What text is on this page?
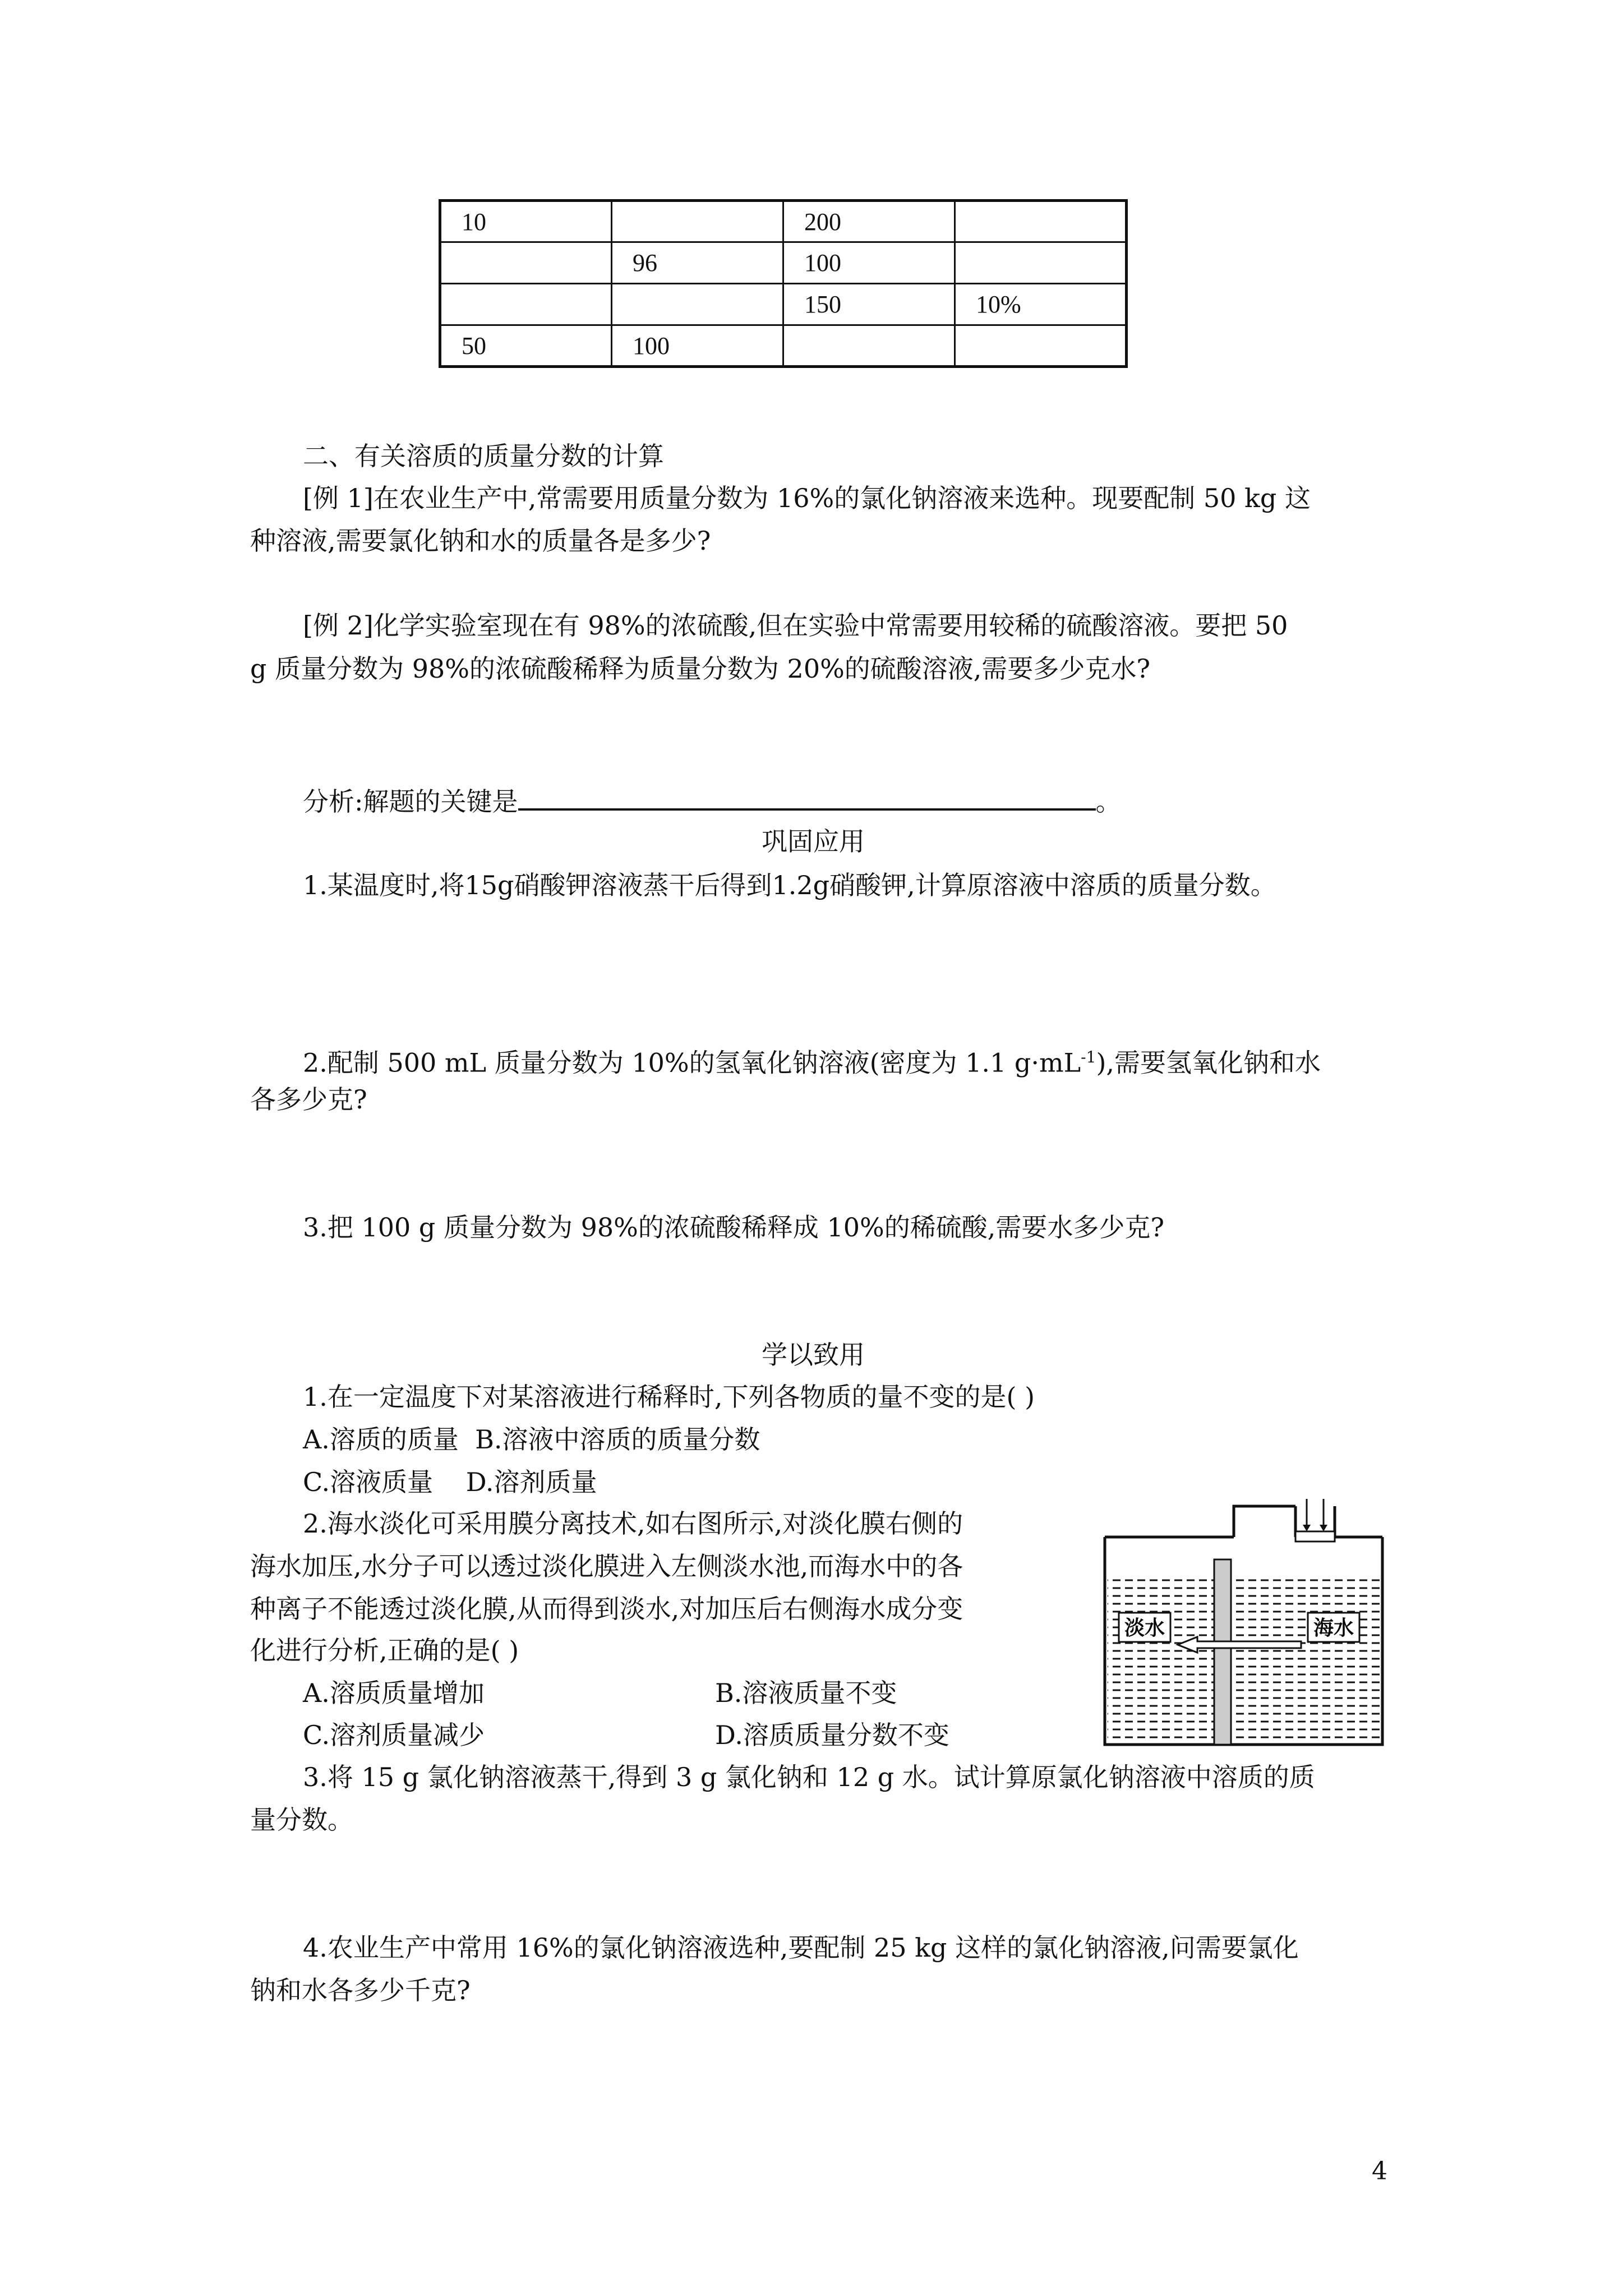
10		200	
	96	100	
		150	10%
50	100		
二、有关溶质的质量分数的计算
[例 1]在农业生产中,常需要用质量分数为 16%的氯化钠溶液来选种。现要配制 50 kg 这
种溶液,需要氯化钠和水的质量各是多少?
[例 2]化学实验室现在有 98%的浓硫酸,但在实验中常需要用较稀的硫酸溶液。要把 50
g 质量分数为 98%的浓硫酸稀释为质量分数为 20%的硫酸溶液,需要多少克水?
分析:解题的关键是	。
巩固应用
1.某温度时,将15g硝酸钾溶液蒸干后得到1.2g硝酸钾,计算原溶液中溶质的质量分数。
2.配制 500 mL 质量分数为 10%的氢氧化钠溶液(密度为 1.1 $g\cdot mL^{-1}$),需要氢氧化钠和水
各多少克?
3.把 100 g 质量分数为 98%的浓硫酸稀释成 10%的稀硫酸,需要水多少克?
学以致用
1.在一定温度下对某溶液进行稀释时,下列各物质的量不变的是( )
A.溶质的质量 B.溶液中溶质的质量分数
C.溶液质量 D.溶剂质量
2.海水淡化可采用膜分离技术,如右图所示,对淡化膜右侧的
海水加压,水分子可以透过淡化膜进入左侧淡水池,而海水中的各
种离子不能透过淡化膜,从而得到淡水,对加压后右侧海水成分变
化进行分析,正确的是( )
A.溶质质量增加	B.溶液质量不变
C.溶剂质量减少	D.溶质质量分数不变
3.将 15 g 氯化钠溶液蒸干,得到 3 g 氯化钠和 12 g 水。试计算原氯化钠溶液中溶质的质
量分数。
4.农业生产中常用 16%的氯化钠溶液选种,要配制 25 kg 这样的氯化钠溶液,问需要氯化
钠和水各多少千克?
淡水	海水
4
